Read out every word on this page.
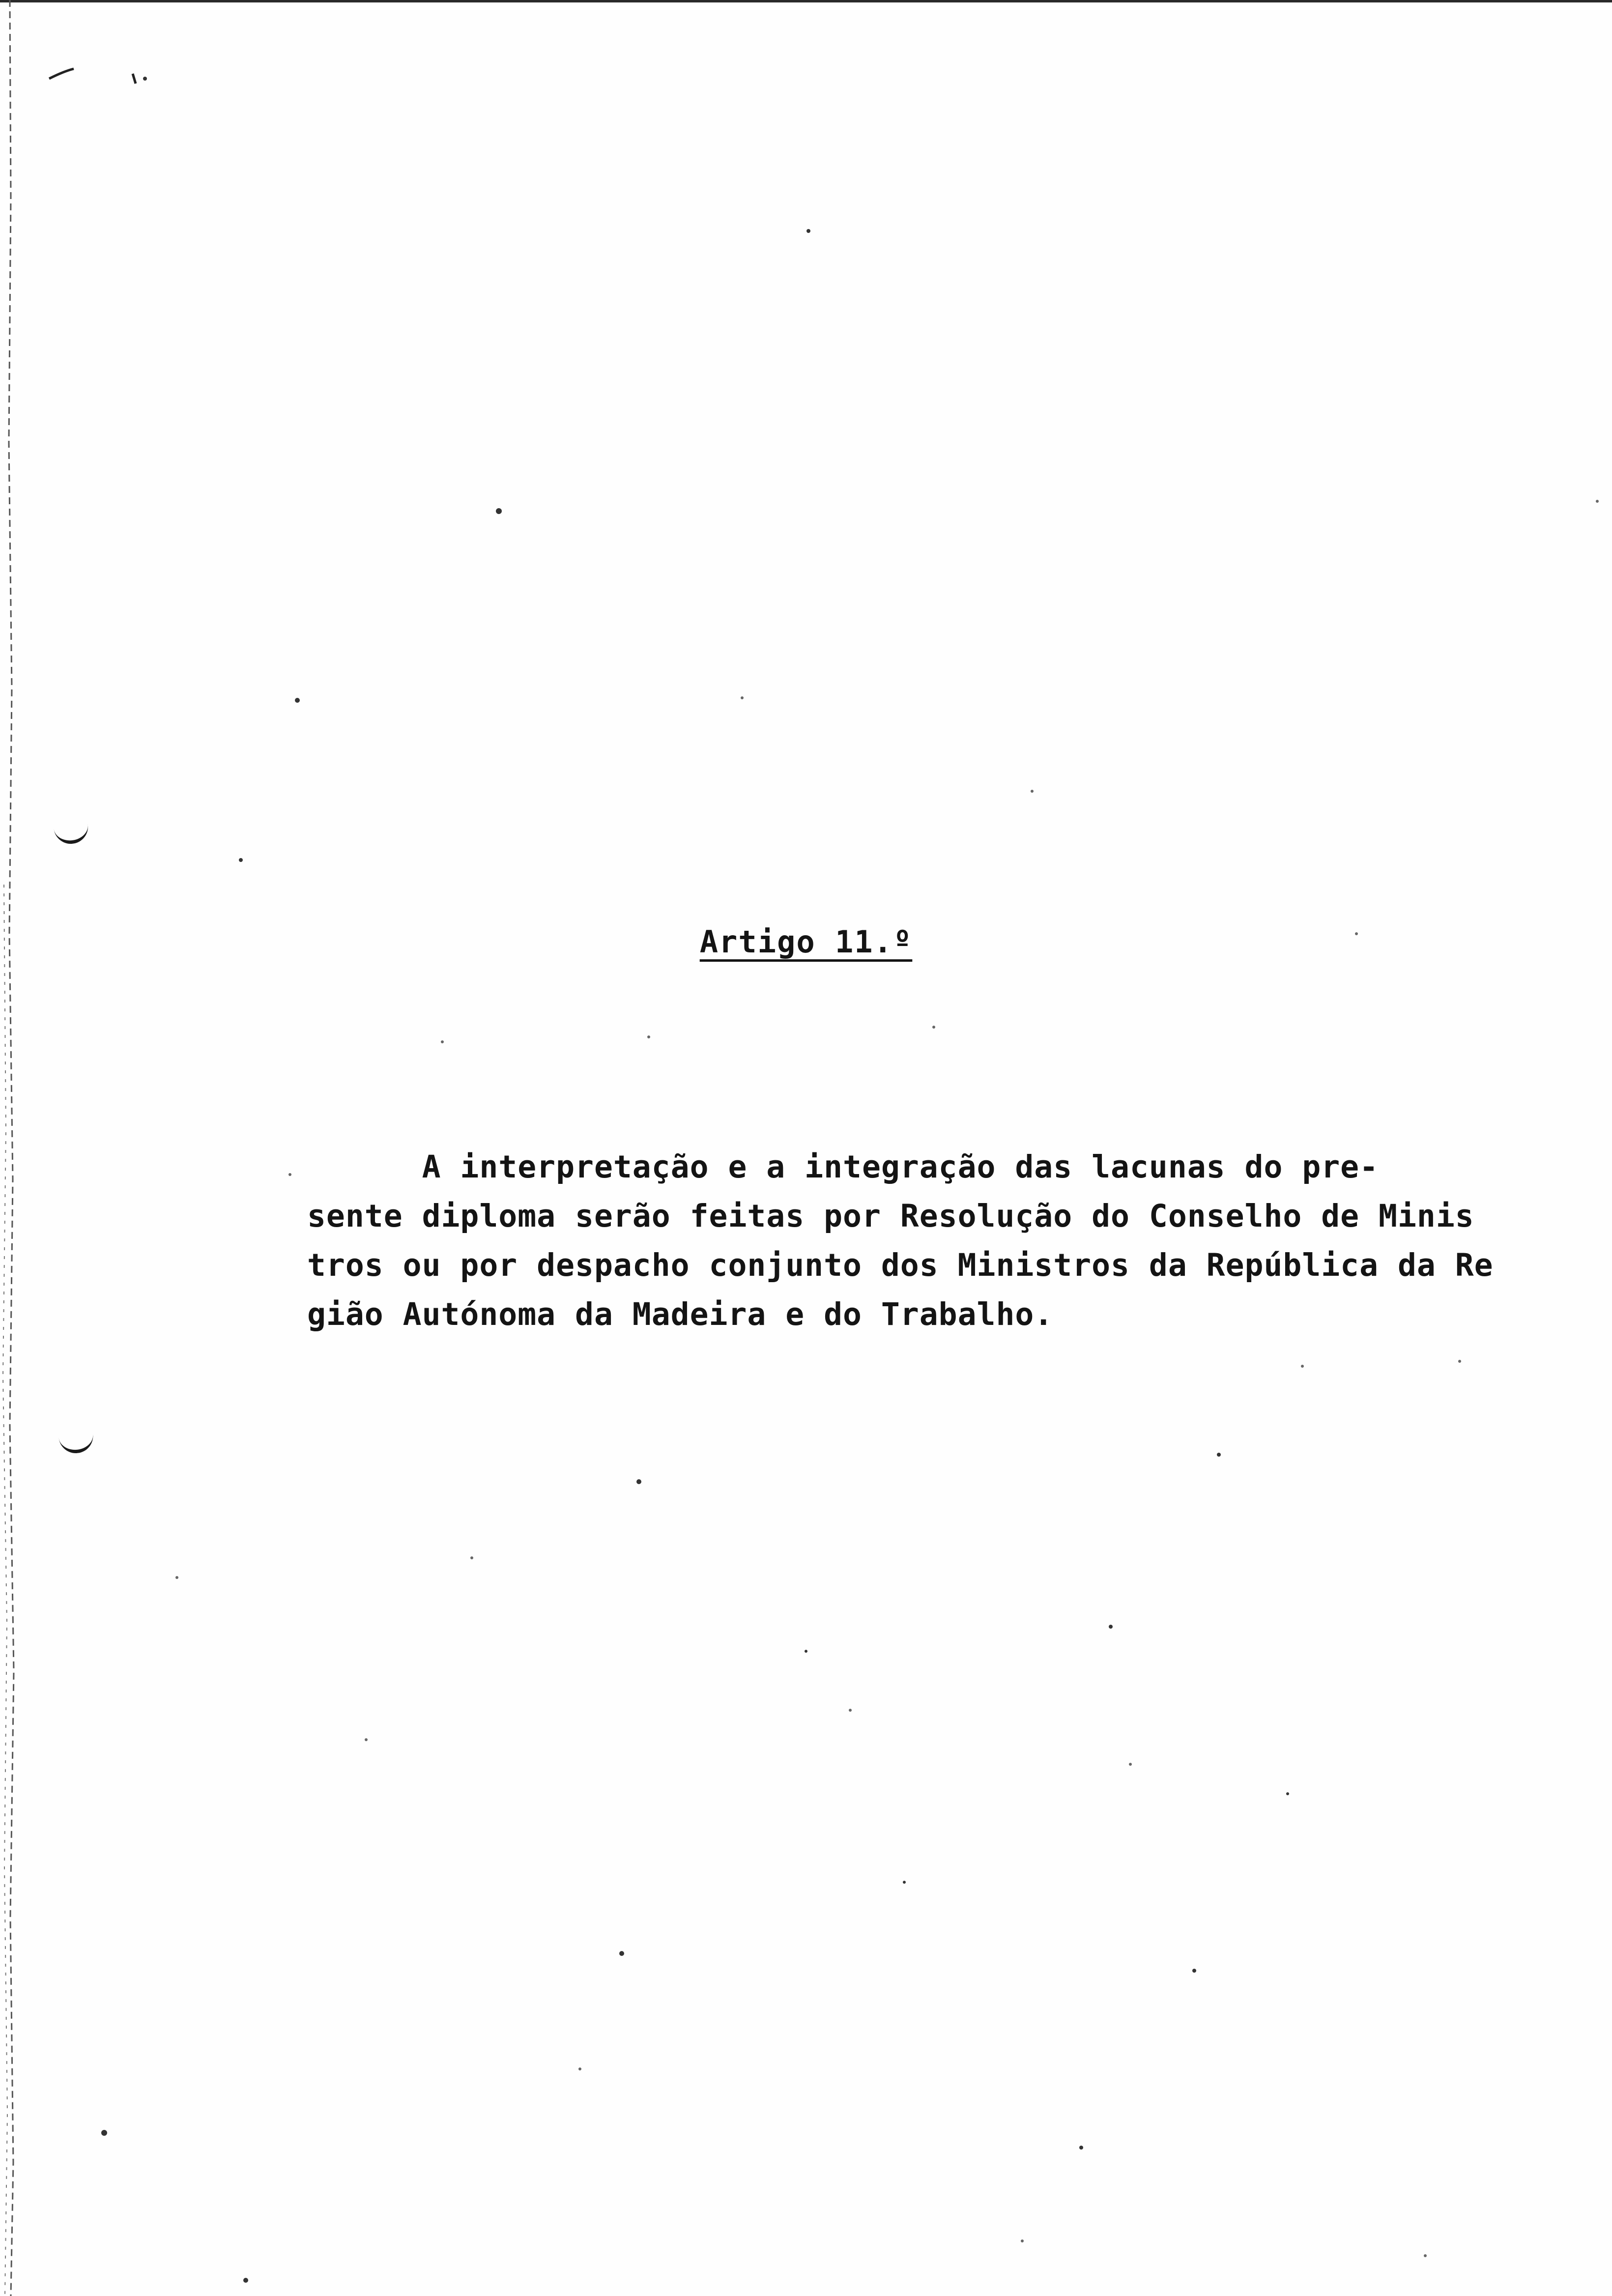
Artigo 11.º
A interpretação e a integração das lacunas do pre-
sente diploma serão feitas por Resolução do Conselho de Minis
tros ou por despacho conjunto dos Ministros da República da Re
gião Autónoma da Madeira e do Trabalho.
